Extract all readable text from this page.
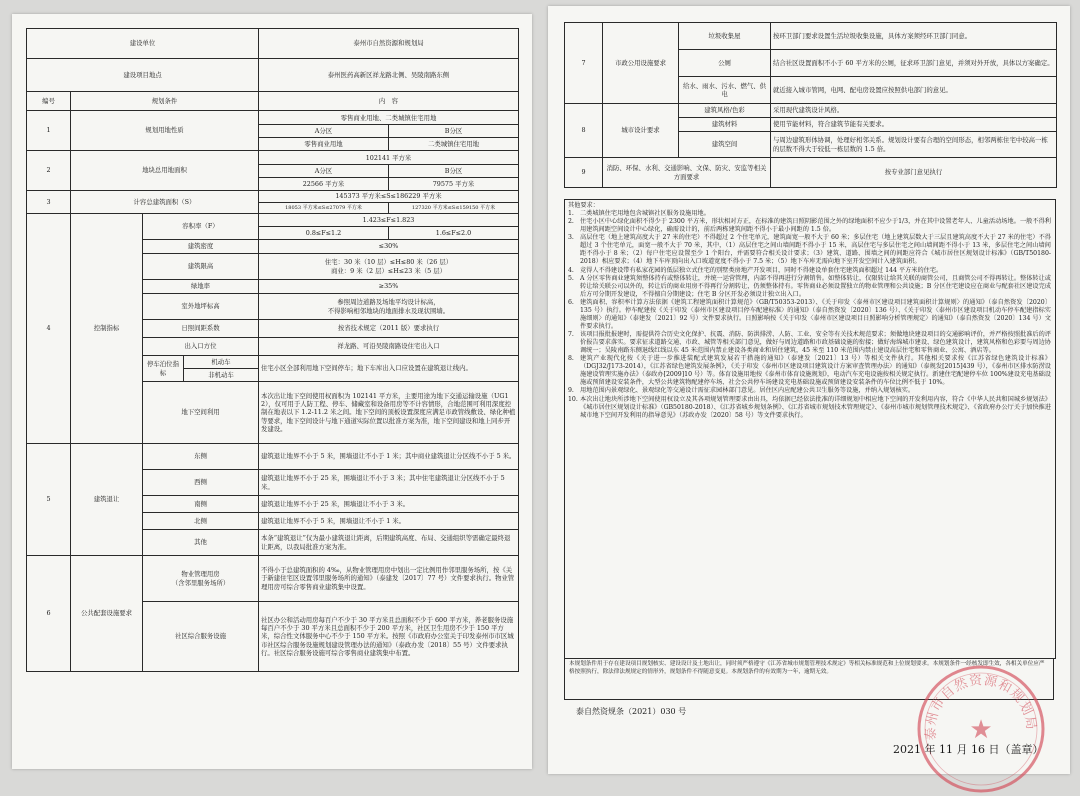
建设单位				泰州市自然资源和规划局
建设项目地点				泰州医药高新区祥龙路北侧、吴陵南路东侧
编号	规划条件			内　容
1	规划用地性质			零售商业用地、二类城镇住宅用地
A分区 B分区
零售商业用地 二类城镇住宅用地

2	地块总用地面积			102141 平方米
A分区 B分区
22566 平方米 79575 平方米

3	计容总建筑面积（S）			145373 平方米≤S≤186229 平方米
18053 平方米≤S≤27079 平方米 127320 平方米≤S≤159150 平方米

4	控制指标	容积率（F）		1.423≤F≤1.823
0.8≤F≤1.2 1.6≤F≤2.0

		建筑密度		≤30%
		建筑限高		住宅：30 米（10 层）≤H≤80 米（26 层）
商业：9 米（2 层）≤H≤23 米（5 层）
		绿地率		≥35%
		室外地坪标高		参照周边道路及场地平均设计标高，
不得影响相邻地块的地面排水及现状围墙。
		日照间距系数		按省技术规定（2011 版）要求执行
		出入口方位		祥龙路、可沿吴陵南路设住宅出入口
		停车泊位指标	机动车	住宅小区全部利用地下空间停车；地下车库出入口应设置在建筑退让线内。
			非机动车	
		地下空间利用		本次出让地下空间使用权面积为 102141 平方米，主要用途为地下交通运输设施（UG12），仅可用于人防工程、停车、储藏室和设备用房等不计容情形，合地范围可利用深度控制在地表以下 1.2-11.2 米之间。地下空间的顶板设置深度应满足市政管线敷设、绿化种植等要求，地下空间设计与地下通道实际位置以批准方案为准，地下空间建设和地上同步开发建设。
5	建筑退让	东侧		建筑退让地界不小于 5 米，围墙退让不小于 1 米；其中商业建筑退让分区线不小于 5 米。
		西侧		建筑退让地界不小于 25 米，围墙退让不小于 3 米；其中住宅建筑退让分区线不小于 5 米。
		南侧		建筑退让地界不小于 25 米，围墙退让不小于 3 米。
		北侧		建筑退让地界不小于 5 米，围墙退让不小于 1 米。
		其他		本条“建筑退让”仅为最小建筑退让距离，后期建筑高度、布局、交通组织等需确定最终退让距离，以我局批准方案为准。
6	公共配套设施要求	物业管理用房
（含邻里服务场所）		不得小于总建筑面积的 4‰，从物业管理用房中划出一定比例用作邻里服务场所，按《关于新建住宅区设置邻里服务场所的通知》（泰建发〔2017〕77 号）文件要求执行。物业管理用房可综合零售商业建筑集中设置。
		社区综合服务设施		社区办公和活动用房每百户不少于 30 平方米且总面积不少于 600 平方米，养老服务设施每百户不少于 30 平方米且总面积不少于 200 平方米，社区卫生用房不少于 150 平方米，综合性文体服务中心不少于 150 平方米。按照《市政府办公室关于印发泰州市市区城市社区综合服务设施规划建设管理办法的通知》（泰政办发〔2018〕55 号）文件要求执行。社区综合服务设施可综合零售商业建筑集中布置。
7	市政公用设施要求	垃圾收集屋	按环卫部门要求设置生活垃圾收集设施，具体方案须经环卫部门同意。
		公厕	结合社区设置面积不小于 60 平方米的公厕，征求环卫部门意见，并须对外开放，具体以方案确定。
		给水、雨水、污水、燃气、供电	就近接入城市管网，电网、配电房设置应按照供电部门的意见。
8	城市设计要求	建筑风格/色彩	采用现代建筑设计风格。
		建筑材料	使用节能材料，符合建筑节能有关要求。
		建筑空间	与周边建筑形体协调，处理好相邻关系。规划设计要有合理的空间形态，相邻两栋住宅中较高一栋的层数不得大于较低一栋层数的 1.5 倍。
9	消防、环保、水利、交通影响、文保、防灾、安监等相关方面要求		按专业部门意见执行

其他要求：

1. 二类城镇住宅用地包含城镇社区服务设施用地。

2. 住宅小区中心绿化面积不得少于 2300 平方米，形状相对方正，在标准的建筑日照阴影范围之外的绿地面积不应少于1/3，并在其中设置老年人、儿童活动场地。一般不得利用建筑间距空间设计中心绿化，确需设计的，前后两栋建筑间距不得小于最小间距的 1.5 倍。

3. 高层住宅（地上建筑高度大于 27 米的住宅）不得超过 2 个住宅单元，建筑面宽一般不大于 60 米；多层住宅（地上建筑层数大于三层且建筑高度不大于 27 米的住宅）不得超过 3 个住宅单元，面宽一般不大于 70 米，其中，（1）高层住宅之间山墙间距不得小于 15 米，高层住宅与多层住宅之间山墙间距不得小于 13 米，多层住宅之间山墙间距不得小于 8 米；（2）每户住宅应设置至少 1 个阳台，并需要符合相关设计要求；（3）建筑、道路、围墙之间的间距应符合《城市居住区规划设计标准》（GB/T50180-2018）相应要求；（4）地下车库顶向出入口坡道宽度不得小于 7.5 米；（5）地下车库无需向地下室开发空间计入建筑面积。

4. 竞得人不得建设带有私家花园的低层独立式住宅的别墅类房地产开发项目，同时不得建设单套住宅建筑面积超过 144 平方米的住宅。

5. A 分区零售商业建筑须整体持有或整体转让，并统一运营管理，内部不得再进行分割销售。如整体转让，仅限转让给其关联的商管公司，且商管公司不得再转让。整体转让或转让给关联公司以外的，转让后的商业用房不得再行分割转让，仍须整体持有。零售商业必须设置独立的物业管理和公共设施；B 分区住宅建设应在商业与配套社区建设完成后方可分期开发建设，不得擅自分期建设；住宅 B 分区开发必须设计独立出入口。

6. 建筑面积、容积率计算方法依据《建筑工程建筑面积计算规范》（GB/T50353-2013）、《关于印发〈泰州市区建设项目建筑面积计算规则〉的通知》（泰自然资发〔2020〕135 号）执行。停车配建按《关于印发〈泰州市区建设项目停车配建标准〉的通知》（泰自然资发〔2020〕136 号）、《关于印发〈泰州市区建设项目机动车停车配建指标实施细则〉的通知》（泰建发〔2021〕92 号）文件要求执行。日照影响按《关于印发〈泰州市区建设项目日照影响分析管理规定〉的通知》（泰自然资发〔2020〕134 号）文件要求执行。

7. 该项目报批报建时，需提供符合历史文化保护、抗震、消防、防洪排涝、人防、工业、安全等有关技术规范要求；须做地块建设项目的交通影响评价，并严格按照批准后的评价报告要求落实。要求征求道路交通、市政、城管等相关部门意见，做好与周边道路和市政基础设施的衔接；做好海绵城市建设、绿色建筑设计，建筑风格和色彩要与周边协调统一；吴陵南路东侧退线红线以东 45 米范围内禁止建设各类商业和居住建筑，45 米至 110 米范围内禁止建设高层住宅和零售商业、公寓、酒店等。

8. 建筑产业现代化按《关于进一步推进装配式建筑发展若干措施的通知》（泰建发〔2021〕13 号）等相关文件执行。其他相关要求按《江苏省绿色建筑设计标准》（DGJ32/J173-2014），《江苏省绿色建筑发展条例》，《关于印发〈泰州市区建设项目建筑设计方案审查管理办法〉的通知》（泰规发[2015]439 号），《泰州市区排水防涝设施建设管理实施办法》（泰政办[2009]10 号）等。体育设施用地按《泰州市体育设施规划》，电动汽车充电设施按相关规定执行。新建住宅配建停车位 100%建设充电基础设施或预留建设安装条件，大型公共建筑物配建停车场、社会公共停车场建设充电基础设施或预留建设安装条件的车位比例不低于 10%。

9. 用地范围内景观绿化、景观绿化等交通设计需征求园林部门意见。居住区内应配建公共卫生服务等设施，并纳入规划核实。

10. 本次出让地块所涉地下空间使用权设立及其各项规划管理要求由出具，均依据已经依法批准的详细规划中相应地下空间的开发利用内容，符合《中华人民共和国城乡规划法》《城市居住区规划设计标准》（GB50180-2018）、《江苏省城乡规划条例》、《江苏省城市规划技术管理规定》、《泰州市城市规划管理技术规定》、《省政府办公厅关于加快推进城市地下空间开发利用的指导意见》（苏政办发〔2020〕58 号）等文件要求执行。

本规划条件用于存在建设项目规划核实、建设设计及土地出让，同时须严格遵守《江苏省城市规划管理技术规定》等相关标准规范和上位规划要求。本规划条件一经核发即生效，各相关单位应严格按照执行，除法律法规规定的情形外，规划条件不得随意变更。本规划条件的有效期为一年，逾期无效。

泰自然资规条（2021）030 号
2021 年 11 月 16 日（盖章）
泰州市自然资源和规划局
★
